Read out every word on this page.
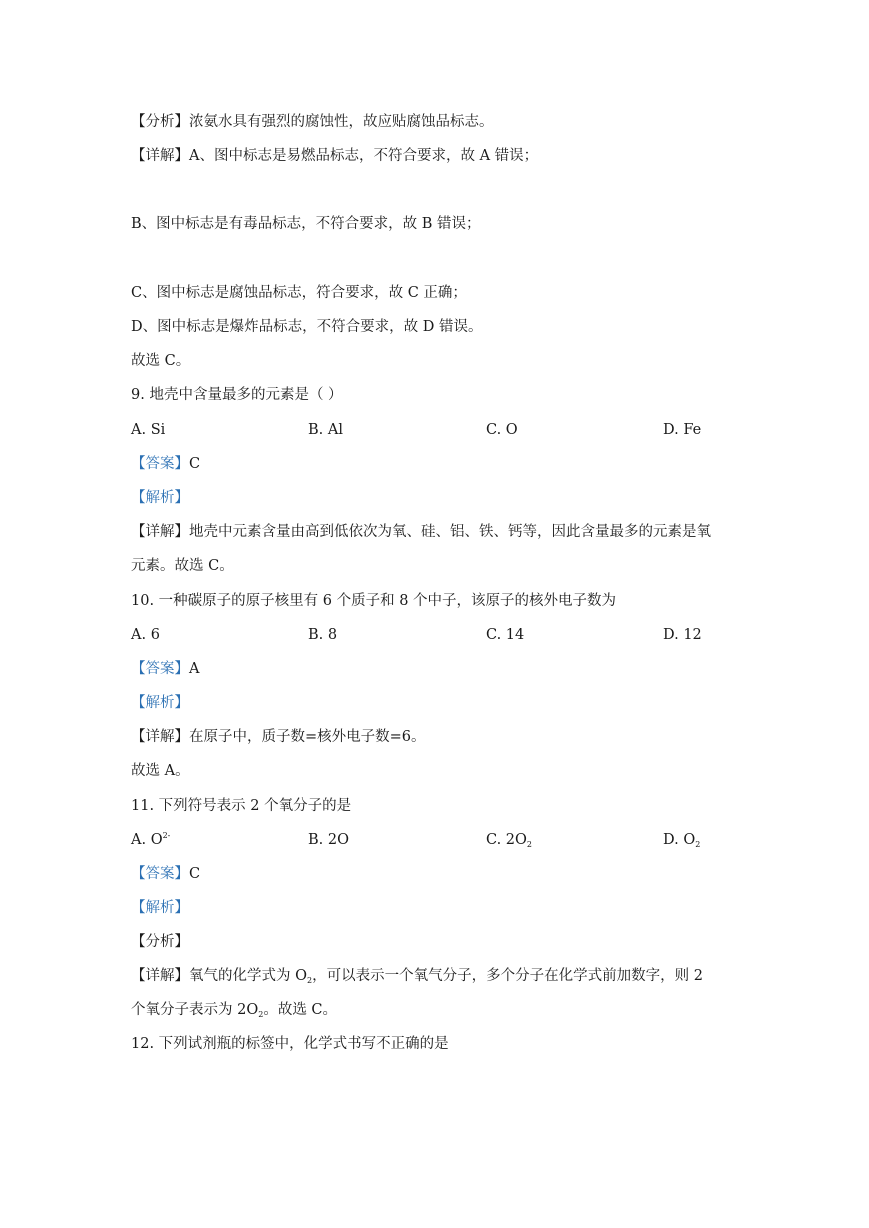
【分析】浓氨水具有强烈的腐蚀性，故应贴腐蚀品标志。
【详解】A、图中标志是易燃品标志，不符合要求，故 A 错误；
B、图中标志是有毒品标志，不符合要求，故 B 错误；
C、图中标志是腐蚀品标志，符合要求，故 C 正确；
D、图中标志是爆炸品标志，不符合要求，故 D 错误。
故选 C。
9. 地壳中含量最多的元素是（ ）
A. Si	B. Al	C. O	D. Fe
【答案】C
【解析】
【详解】地壳中元素含量由高到低依次为氧、硅、铝、铁、钙等，因此含量最多的元素是氧
元素。故选 C。
10. 一种碳原子的原子核里有 6 个质子和 8 个中子，该原子的核外电子数为
A. 6	B. 8	C. 14	D. 12
【答案】A
【解析】
【详解】在原子中，质子数=核外电子数=6。
故选 A。
11. 下列符号表示 2 个氧分子的是
A. $O^{2-}$	B. 2O	C. $2O_2$	D. $O_2$
【答案】C
【解析】
【分析】
【详解】氧气的化学式为 $O_2$，可以表示一个氧气分子，多个分子在化学式前加数字，则 2
个氧分子表示为 $2O_2$。故选 C。
12. 下列试剂瓶的标签中，化学式书写不正确的是
